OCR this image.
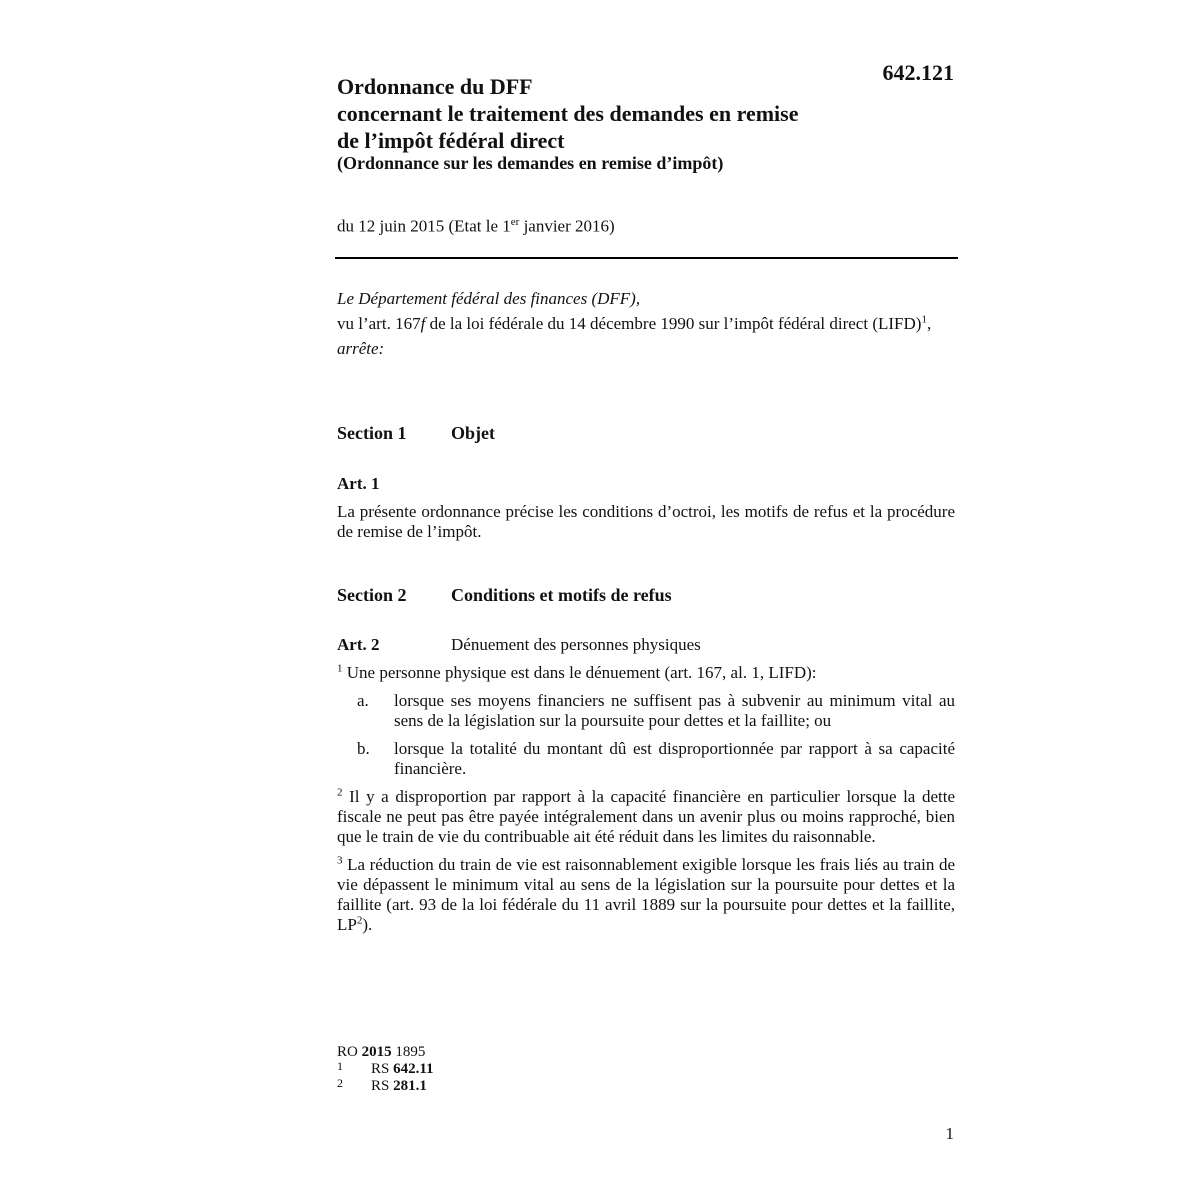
642.121
Ordonnance du DFF
concernant le traitement des demandes en remise
de l’impôt fédéral direct
(Ordonnance sur les demandes en remise d’impôt)
du 12 juin 2015 (Etat le 1er janvier 2016)

Le Département fédéral des finances (DFF),

vu l’art. 167f de la loi fédérale du 14 décembre 1990 sur l’impôt fédéral direct (LIFD)$^1$,

arrête:

Section 1 Objet
Art. 1

La présente ordonnance précise les conditions d’octroi, les motifs de refus et la procédure de remise de l’impôt.

Section 2 Conditions et motifs de refus
Art. 2	Dénuement des personnes physiques

$^1$ Une personne physique est dans le dénuement (art. 167, al. 1, LIFD):

a. lorsque ses moyens financiers ne suffisent pas à subvenir au minimum vital au sens de la législation sur la poursuite pour dettes et la faillite; ou
b. lorsque la totalité du montant dû est disproportionnée par rapport à sa capacité financière.

$^2$ Il y a disproportion par rapport à la capacité financière en particulier lorsque la dette fiscale ne peut pas être payée intégralement dans un avenir plus ou moins rapproché, bien que le train de vie du contribuable ait été réduit dans les limites du raisonnable.

$^3$ La réduction du train de vie est raisonnablement exigible lorsque les frais liés au train de vie dépassent le minimum vital au sens de la législation sur la poursuite pour dettes et la faillite (art. 93 de la loi fédérale du 11 avril 1889 sur la poursuite pour dettes et la faillite, $LP^2$).

RO 2015 1895
1 RS 642.11
2 RS 281.1
1
